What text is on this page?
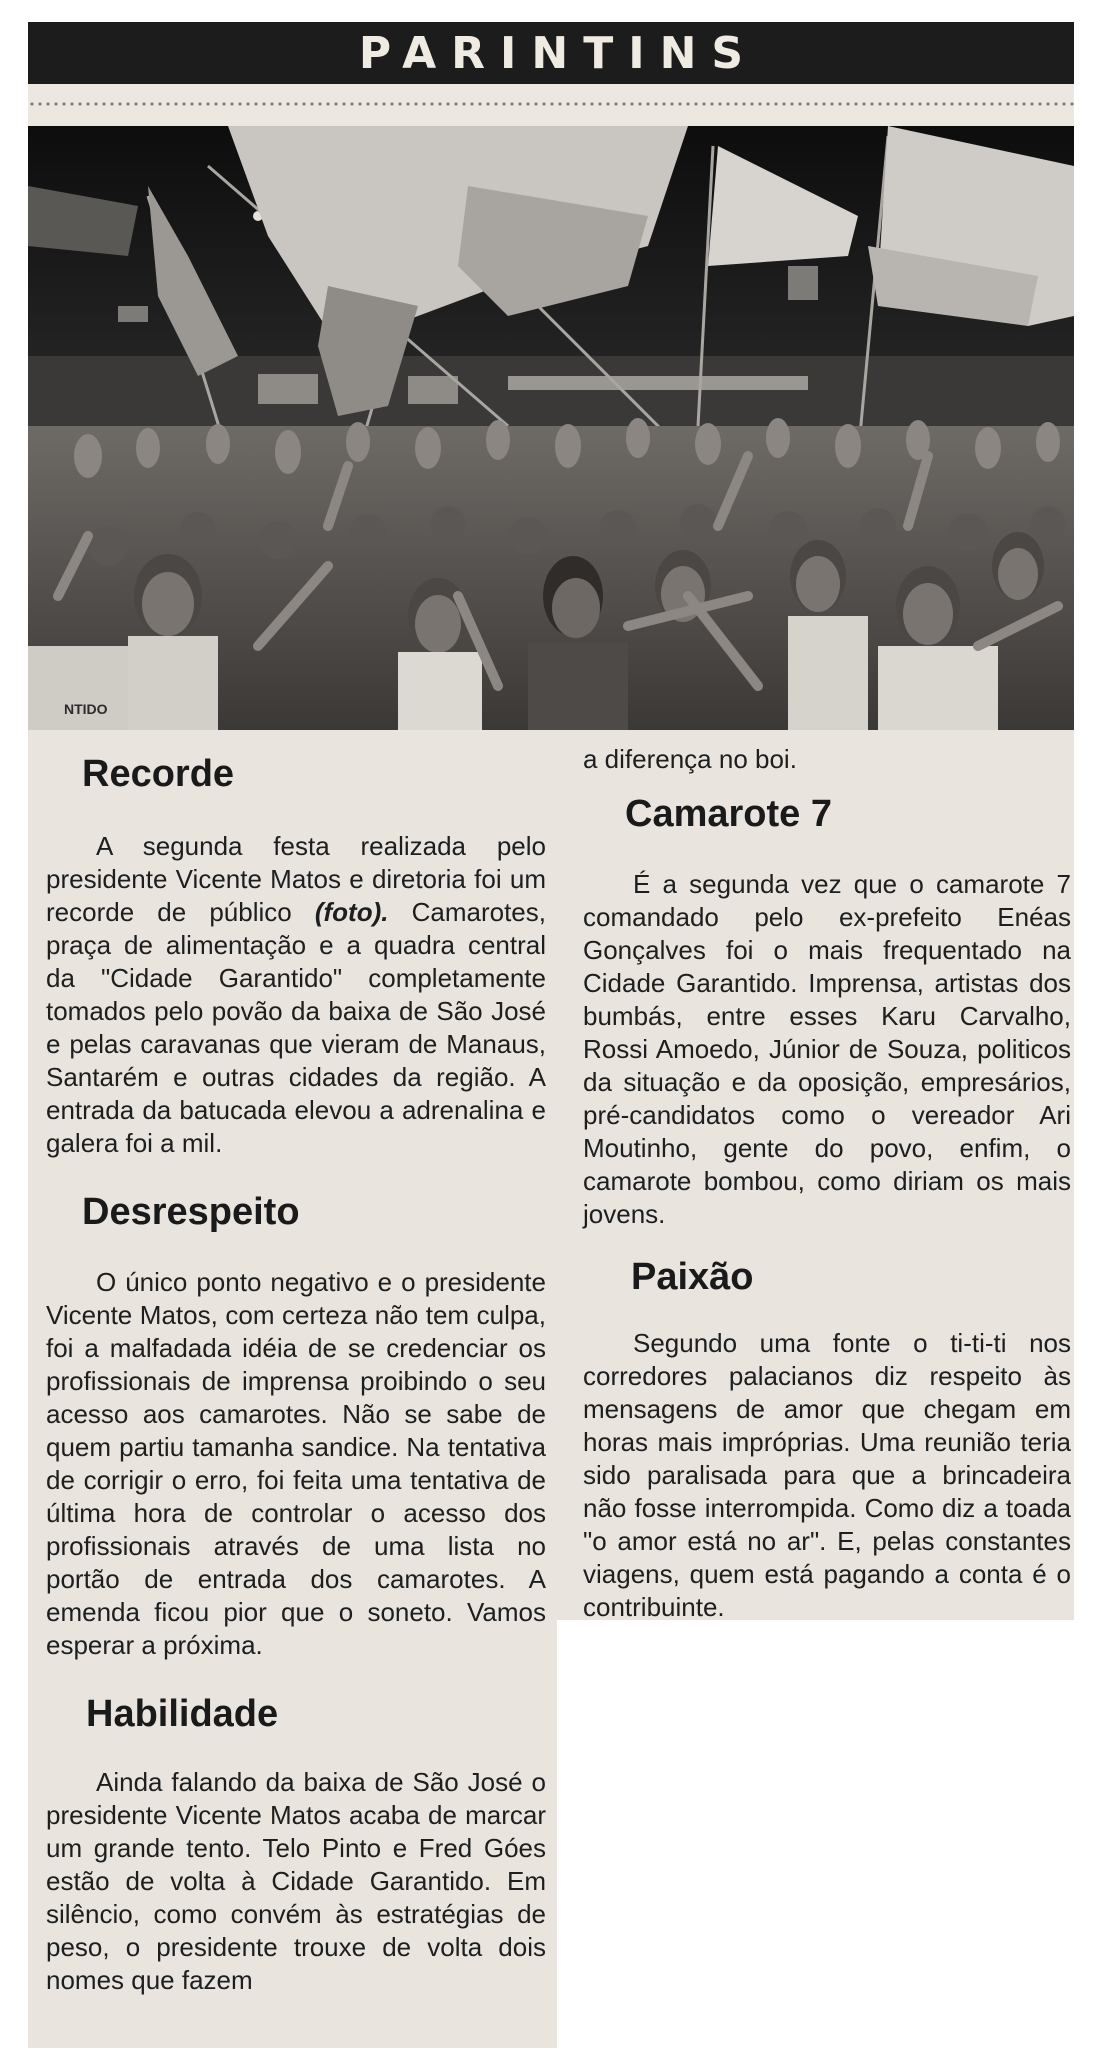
PARINTINS
NTIDO
Recorde

A segunda festa realizada pelo presidente Vicente Matos e diretoria foi um recorde de público (foto). Camarotes, praça de alimentação e a quadra central da "Cidade Garantido" completamente tomados pelo povão da baixa de São José e pelas caravanas que vieram de Manaus, Santarém e outras cidades da região. A entrada da batucada elevou a adrenalina e galera foi a mil.

Desrespeito

O único ponto negativo e o presidente Vicente Matos, com certeza não tem culpa, foi a malfadada idéia de se credenciar os profissionais de imprensa proibindo o seu acesso aos camarotes. Não se sabe de quem partiu tamanha sandice. Na tentativa de corrigir o erro, foi feita uma tentativa de última hora de controlar o acesso dos profissionais através de uma lista no portão de entrada dos camarotes. A emenda ficou pior que o soneto. Vamos esperar a próxima.

Habilidade

Ainda falando da baixa de São José o presidente Vicente Matos acaba de marcar um grande tento. Telo Pinto e Fred Góes estão de volta à Cidade Garantido. Em silêncio, como convém às estratégias de peso, o presidente trouxe de volta dois nomes que fazem

a diferença no boi.

Camarote 7

É a segunda vez que o camarote 7 comandado pelo ex-prefeito Enéas Gonçalves foi o mais frequentado na Cidade Garantido. Imprensa, artistas dos bumbás, entre esses Karu Carvalho, Rossi Amoedo, Júnior de Souza, politicos da situação e da oposição, empresários, pré-candidatos como o vereador Ari Moutinho, gente do povo, enfim, o camarote bombou, como diriam os mais jovens.

Paixão

Segundo uma fonte o ti-ti-ti nos corredores palacianos diz respeito às mensagens de amor que chegam em horas mais impróprias. Uma reunião teria sido paralisada para que a brincadeira não fosse interrompida. Como diz a toada "o amor está no ar". E, pelas constantes viagens, quem está pagando a conta é o contribuinte.
